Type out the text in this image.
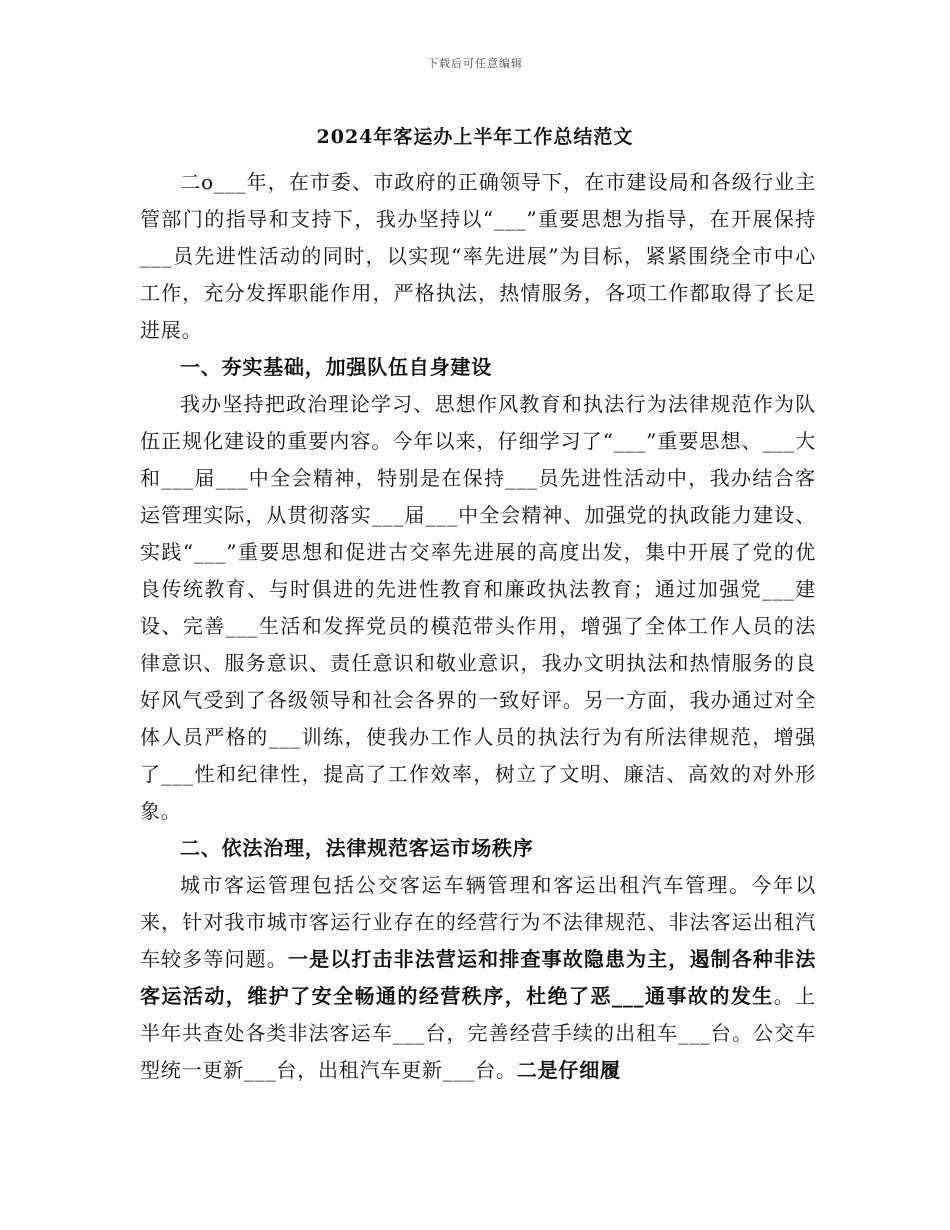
下载后可任意编辑
2024年客运办上半年工作总结范文

二o___年，在市委、市政府的正确领导下，在市建设局和各级行业主管部门的指导和支持下，我办坚持以“___”重要思想为指导，在开展保持___员先进性活动的同时，以实现“率先进展”为目标，紧紧围绕全市中心工作，充分发挥职能作用，严格执法，热情服务，各项工作都取得了长足进展。

一、夯实基础，加强队伍自身建设

我办坚持把政治理论学习、思想作风教育和执法行为法律规范作为队伍正规化建设的重要内容。今年以来，仔细学习了“___”重要思想、___大和___届___中全会精神，特别是在保持___员先进性活动中，我办结合客运管理实际，从贯彻落实___届___中全会精神、加强党的执政能力建设、实践“___”重要思想和促进古交率先进展的高度出发，集中开展了党的优良传统教育、与时俱进的先进性教育和廉政执法教育；通过加强党___建设、完善___生活和发挥党员的模范带头作用，增强了全体工作人员的法律意识、服务意识、责任意识和敬业意识，我办文明执法和热情服务的良好风气受到了各级领导和社会各界的一致好评。另一方面，我办通过对全体人员严格的___训练，使我办工作人员的执法行为有所法律规范，增强了___性和纪律性，提高了工作效率，树立了文明、廉洁、高效的对外形象。

二、依法治理，法律规范客运市场秩序

城市客运管理包括公交客运车辆管理和客运出租汽车管理。今年以来，针对我市城市客运行业存在的经营行为不法律规范、非法客运出租汽车较多等问题。一是以打击非法营运和排查事故隐患为主，遏制各种非法客运活动，维护了安全畅通的经营秩序，杜绝了恶___通事故的发生。上半年共查处各类非法客运车___台，完善经营手续的出租车___台。公交车型统一更新___台，出租汽车更新___台。二是仔细履
